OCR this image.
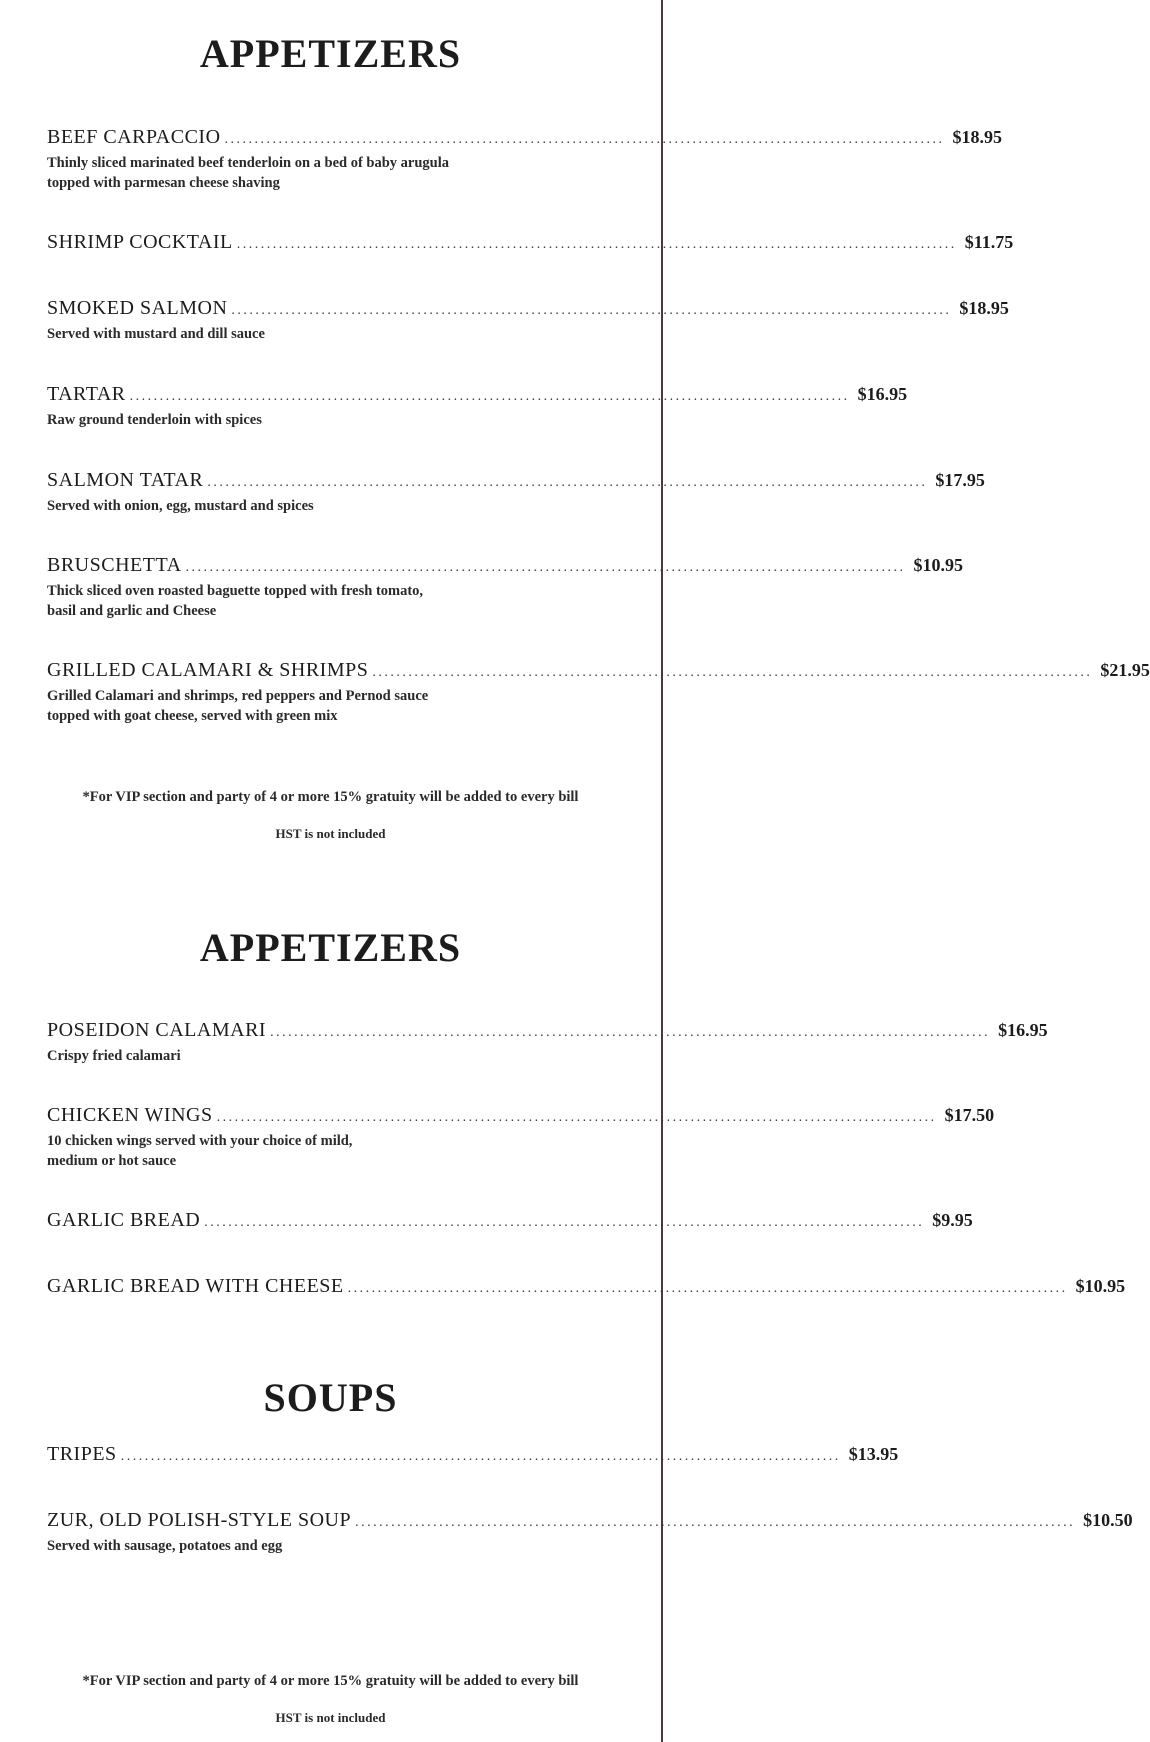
APPETIZERS
BEEF CARPACCIO ........................................................................................................................ $18.95
Thinly sliced marinated beef tenderloin on a bed of baby arugula
topped with parmesan cheese shaving
SHRIMP COCKTAIL ........................................................................................................................ $11.75
SMOKED SALMON ........................................................................................................................ $18.95
Served with mustard and dill sauce
TARTAR ........................................................................................................................ $16.95
Raw ground tenderloin with spices
SALMON TATAR ........................................................................................................................ $17.95
Served with onion, egg, mustard and spices
BRUSCHETTA ........................................................................................................................ $10.95
Thick sliced oven roasted baguette topped with fresh tomato,
basil and garlic and Cheese
GRILLED CALAMARI & SHRIMPS ........................................................................................................................ $21.95
Grilled Calamari and shrimps, red peppers and Pernod sauce
topped with goat cheese, served with green mix
*For VIP section and party of 4 or more 15% gratuity will be added to every bill
HST is not included
APPETIZERS
POSEIDON CALAMARI ........................................................................................................................ $16.95
Crispy fried calamari
CHICKEN WINGS ........................................................................................................................ $17.50
10 chicken wings served with your choice of mild,
medium or hot sauce
GARLIC BREAD ........................................................................................................................ $9.95
GARLIC BREAD WITH CHEESE ........................................................................................................................ $10.95
SOUPS
TRIPES ........................................................................................................................ $13.95
ZUR, OLD POLISH-STYLE SOUP ........................................................................................................................ $10.50
Served with sausage, potatoes and egg
*For VIP section and party of 4 or more 15% gratuity will be added to every bill
HST is not included
